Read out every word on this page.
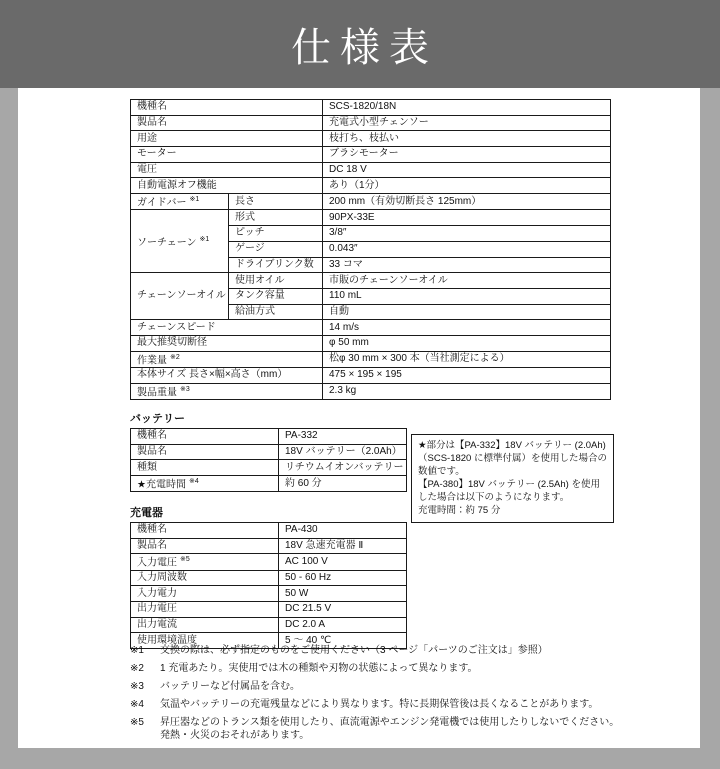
仕様表
機種名		SCS-1820/18N
製品名		充電式小型チェンソー
用途		枝打ち、枝払い
モーター		ブラシモーター
電圧		DC 18 V
自動電源オフ機能		あり（1分）
ガイドバー $^{※1}$	長さ	200 mm（有効切断長さ 125mm）
ソーチェーン $^{※1}$	形式	90PX-33E
	ピッチ	3/8″
	ゲージ	0.043″
	ドライブリンク数	33 コマ
チェーンソーオイル	使用オイル	市販のチェーンソーオイル
	タンク容量	110 mL
	給油方式	自動
チェーンスピード		14 m/s
最大推奨切断径		φ 50 mm
作業量 $^{※2}$		松φ 30 mm × 300 本（当社測定による）
本体サイズ 長さ×幅×高さ（mm）		475 × 195 × 195
製品重量 $^{※3}$		2.3 kg
バッテリー
機種名	PA-332
製品名	18V バッテリー（2.0Ah）
種類	リチウムイオンバッテリー
★充電時間 $^{※4}$	約 60 分
★部分は【PA-332】18V バッテリー (2.0Ah)（SCS-1820 に標準付属）を使用した場合の数値です。
【PA-380】18V バッテリー (2.5Ah) を使用した場合は以下のようになります。
充電時間：約 75 分
充電器
機種名	PA-430
製品名	18V 急速充電器 Ⅱ
入力電圧 $^{※5}$	AC 100 V
入力周波数	50 - 60 Hz
入力電力	50 W
出力電圧	DC 21.5 V
出力電流	DC 2.0 A
使用環境温度	5 ～ 40 ℃
※1	交換の際は、必ず指定のものをご使用ください（3 ページ「パーツのご注文は」参照）
※2	1 充電あたり。実使用では木の種類や刃物の状態によって異なります。
※3	バッテリーなど付属品を含む。
※4	気温やバッテリーの充電残量などにより異なります。特に長期保管後は長くなることがあります。
※5	昇圧器などのトランス類を使用したり、直流電源やエンジン発電機では使用したりしないでください。
発熱・火災のおそれがあります。
